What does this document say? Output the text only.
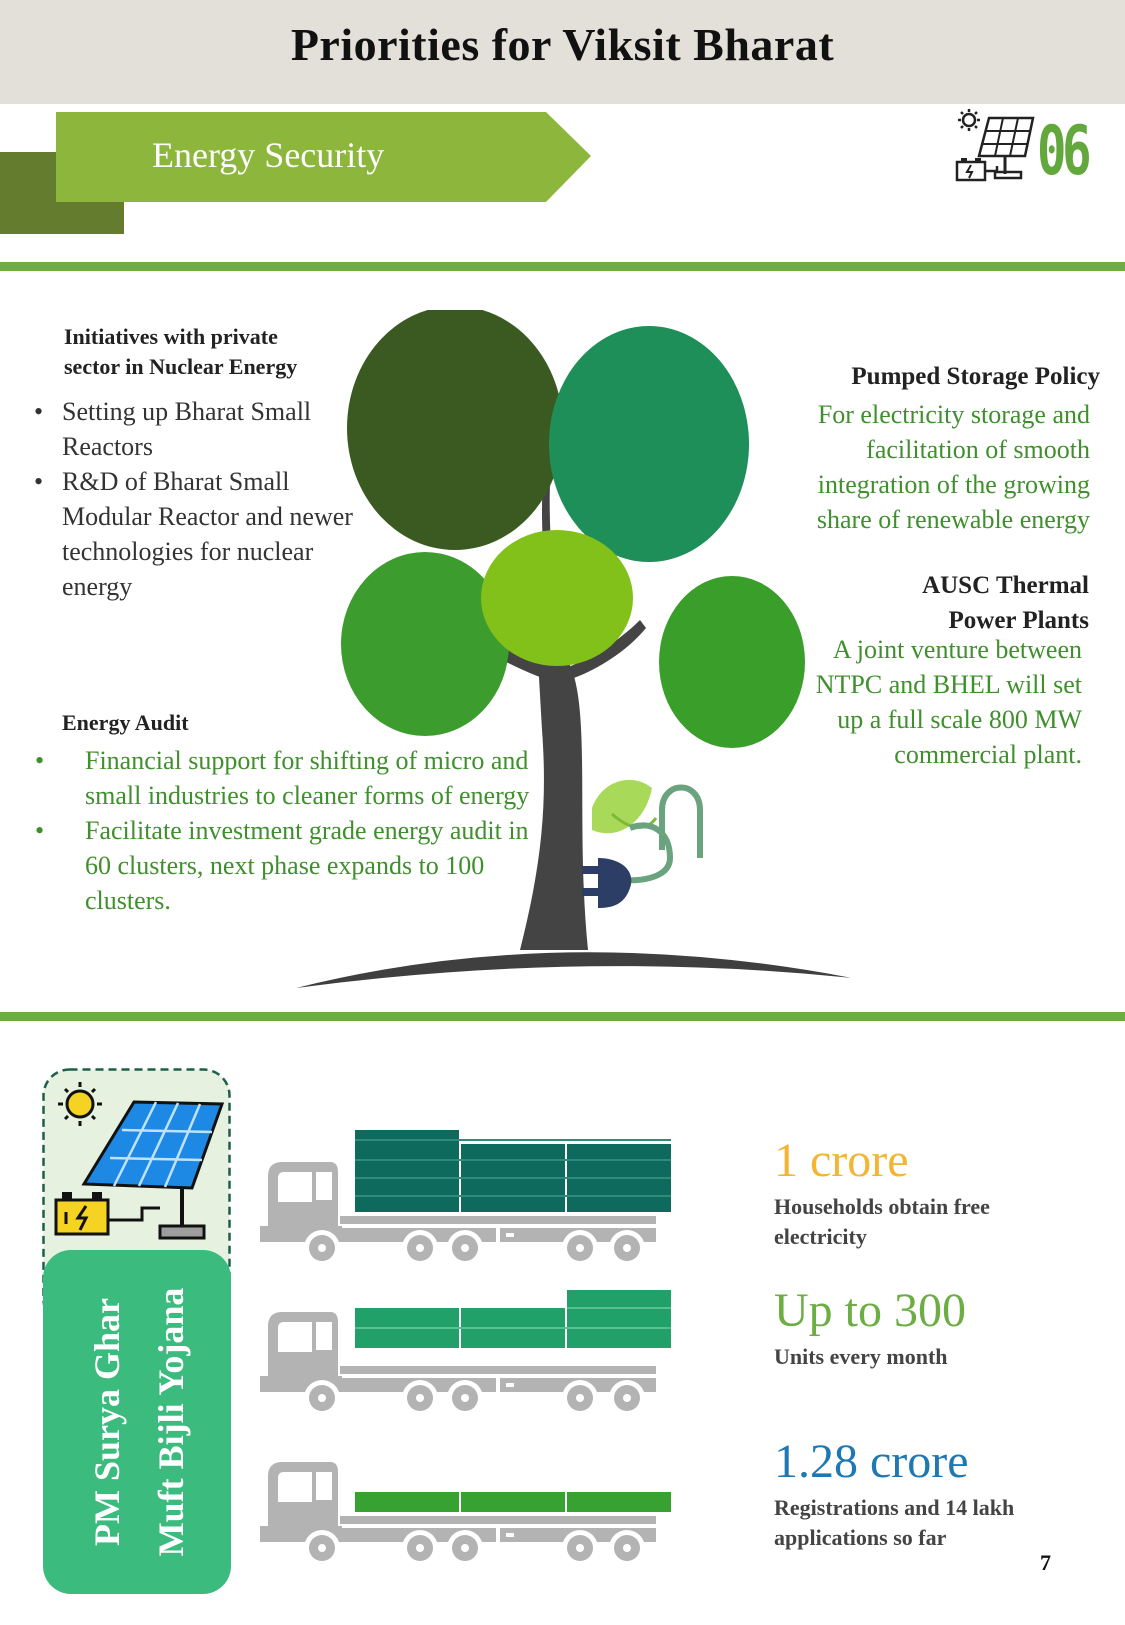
Priorities for Viksit Bharat
Energy Security	06
Initiatives with private
sector in Nuclear Energy
• Setting up Bharat Small Reactors
• R&D of Bharat Small Modular Reactor and newer technologies for nuclear energy
Pumped Storage Policy
For electricity storage and facilitation of smooth integration of the growing share of renewable energy
AUSC Thermal
Power Plants
A joint venture between NTPC and BHEL will set up a full scale 800 MW commercial plant.
Energy Audit
• Financial support for shifting of micro and small industries to cleaner forms of energy
• Facilitate investment grade energy audit in 60 clusters, next phase expands to 100 clusters.
PM Surya Ghar Muft Bijli Yojana
1 crore
Households obtain free electricity
Up to 300
Units every month
1.28 crore
Registrations and 14 lakh applications so far
7
